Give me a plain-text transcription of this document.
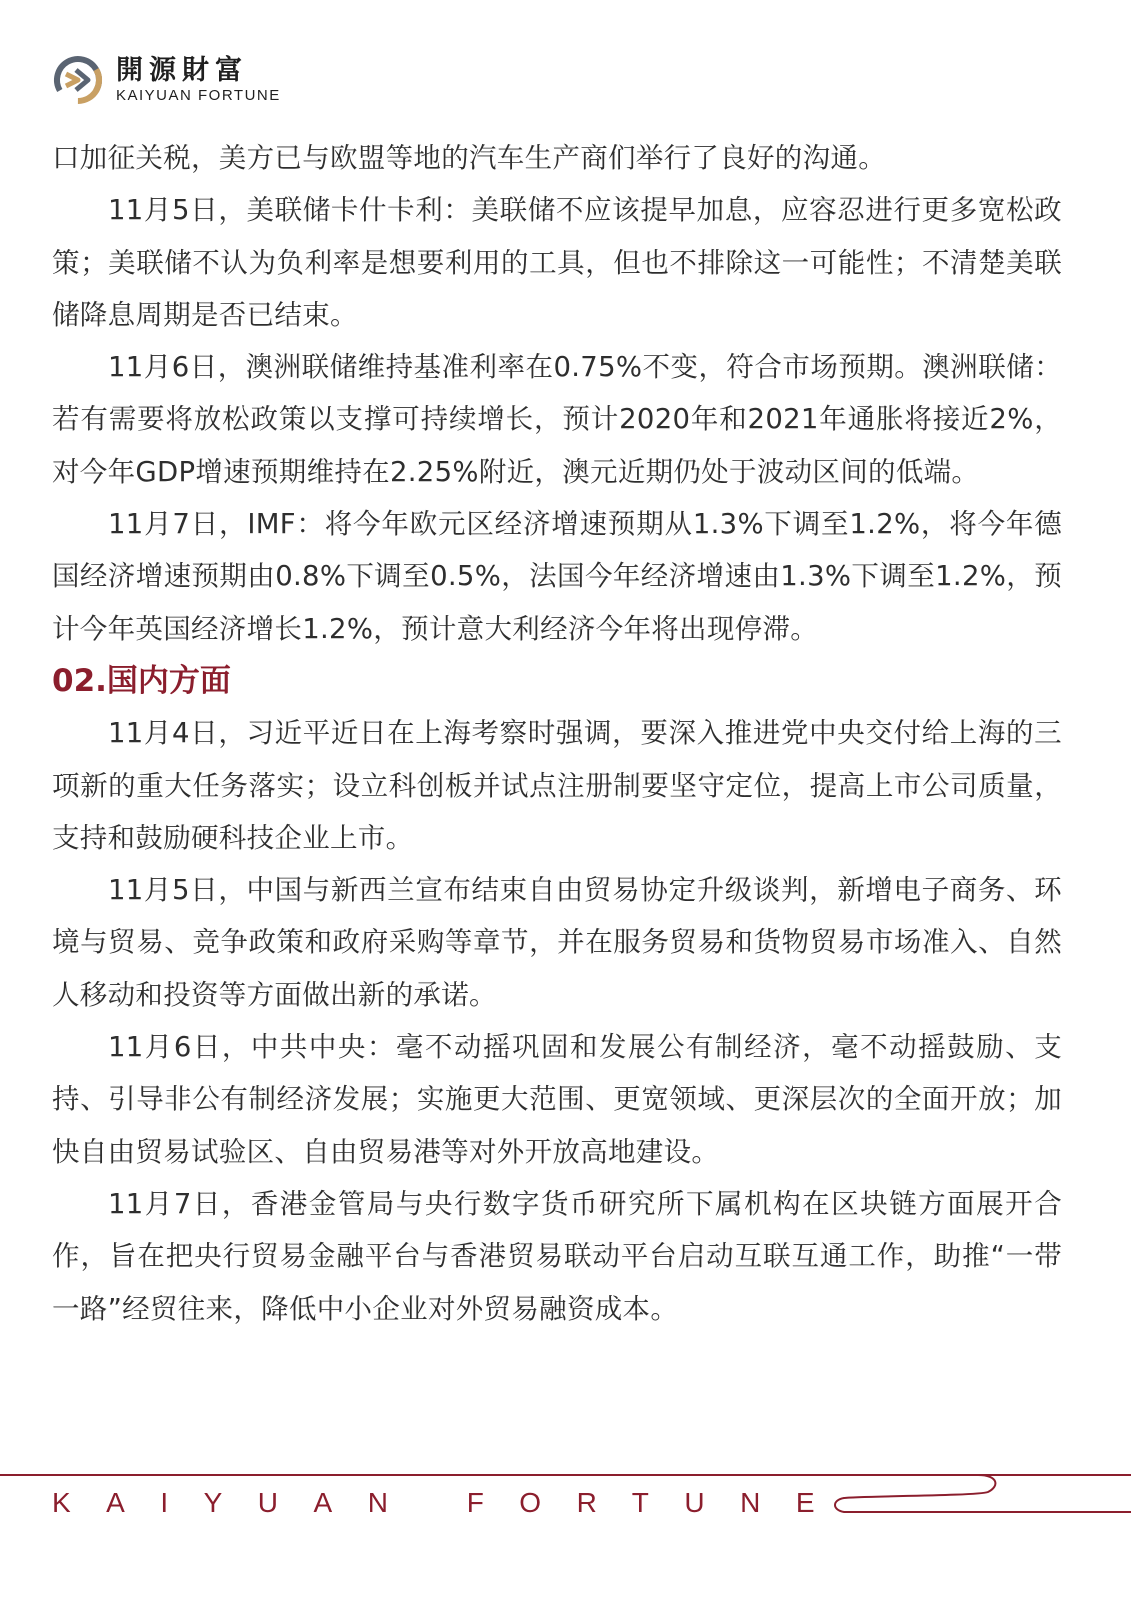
開源財富
KAIYUAN FORTUNE

口加征关税，美方已与欧盟等地的汽车生产商们举行了良好的沟通。

11月5日，美联储卡什卡利：美联储不应该提早加息，应容忍进行更多宽松政策；美联储不认为负利率是想要利用的工具，但也不排除这一可能性；不清楚美联储降息周期是否已结束。

11月6日，澳洲联储维持基准利率在0.75%不变，符合市场预期。澳洲联储：若有需要将放松政策以支撑可持续增长，预计2020年和2021年通胀将接近2%，对今年GDP增速预期维持在2.25%附近，澳元近期仍处于波动区间的低端。

11月7日，IMF：将今年欧元区经济增速预期从1.3%下调至1.2%，将今年德国经济增速预期由0.8%下调至0.5%，法国今年经济增速由1.3%下调至1.2%，预计今年英国经济增长1.2%，预计意大利经济今年将出现停滞。

02.国内方面

11月4日，习近平近日在上海考察时强调，要深入推进党中央交付给上海的三项新的重大任务落实；设立科创板并试点注册制要坚守定位，提高上市公司质量，支持和鼓励硬科技企业上市。

11月5日，中国与新西兰宣布结束自由贸易协定升级谈判，新增电子商务、环境与贸易、竞争政策和政府采购等章节，并在服务贸易和货物贸易市场准入、自然人移动和投资等方面做出新的承诺。

11月6日，中共中央：毫不动摇巩固和发展公有制经济，毫不动摇鼓励、支持、引导非公有制经济发展；实施更大范围、更宽领域、更深层次的全面开放；加快自由贸易试验区、自由贸易港等对外开放高地建设。

11月7日，香港金管局与央行数字货币研究所下属机构在区块链方面展开合作，旨在把央行贸易金融平台与香港贸易联动平台启动互联互通工作，助推“一带一路”经贸往来，降低中小企业对外贸易融资成本。

KAIYUAN FORTUNE
